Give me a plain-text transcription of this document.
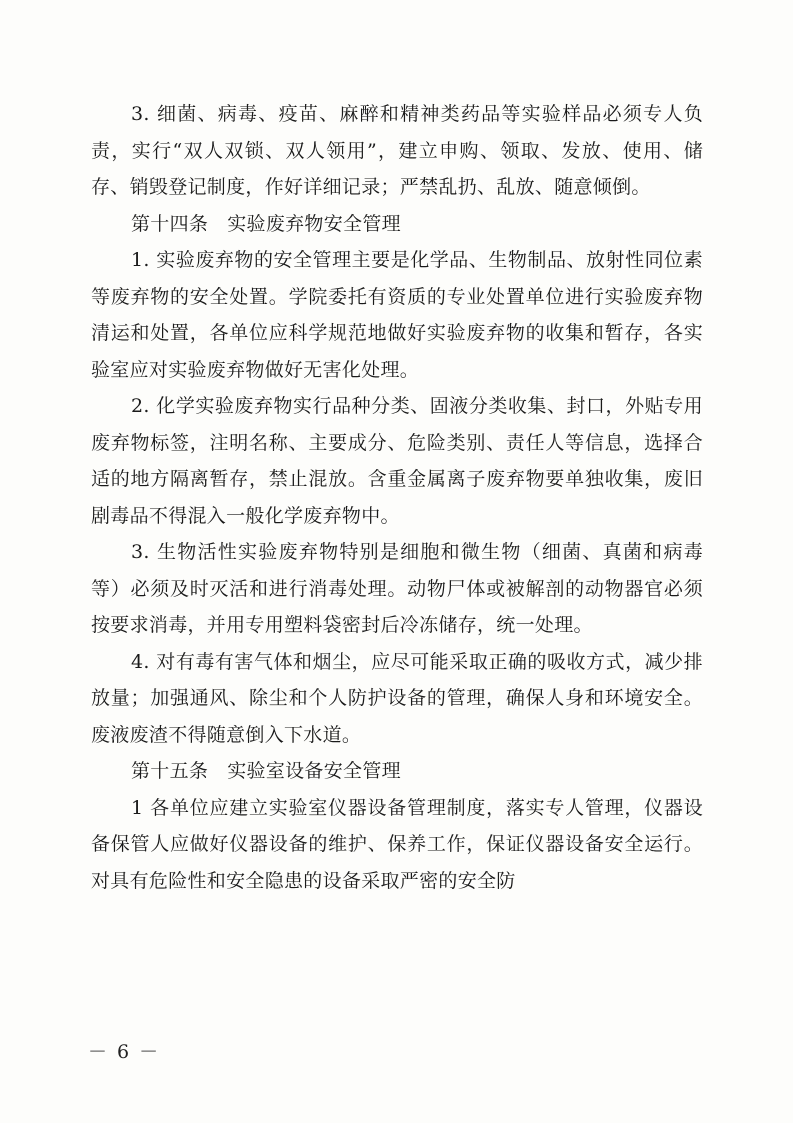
3. 细菌、病毒、疫苗、麻醉和精神类药品等实验样品必须专人负责，实行“双人双锁、双人领用”，建立申购、领取、发放、使用、储存、销毁登记制度，作好详细记录；严禁乱扔、乱放、随意倾倒。

第十四条   实验废弃物安全管理

1. 实验废弃物的安全管理主要是化学品、生物制品、放射性同位素等废弃物的安全处置。学院委托有资质的专业处置单位进行实验废弃物清运和处置，各单位应科学规范地做好实验废弃物的收集和暂存，各实验室应对实验废弃物做好无害化处理。

2. 化学实验废弃物实行品种分类、固液分类收集、封口，外贴专用废弃物标签，注明名称、主要成分、危险类别、责任人等信息，选择合适的地方隔离暂存，禁止混放。含重金属离子废弃物要单独收集，废旧剧毒品不得混入一般化学废弃物中。

3. 生物活性实验废弃物特别是细胞和微生物（细菌、真菌和病毒等）必须及时灭活和进行消毒处理。动物尸体或被解剖的动物器官必须按要求消毒，并用专用塑料袋密封后冷冻储存，统一处理。

4. 对有毒有害气体和烟尘，应尽可能采取正确的吸收方式，减少排放量；加强通风、除尘和个人防护设备的管理，确保人身和环境安全。废液废渣不得随意倒入下水道。

第十五条   实验室设备安全管理

1 各单位应建立实验室仪器设备管理制度，落实专人管理，仪器设备保管人应做好仪器设备的维护、保养工作，保证仪器设备安全运行。对具有危险性和安全隐患的设备采取严密的安全防

－ 6 －
